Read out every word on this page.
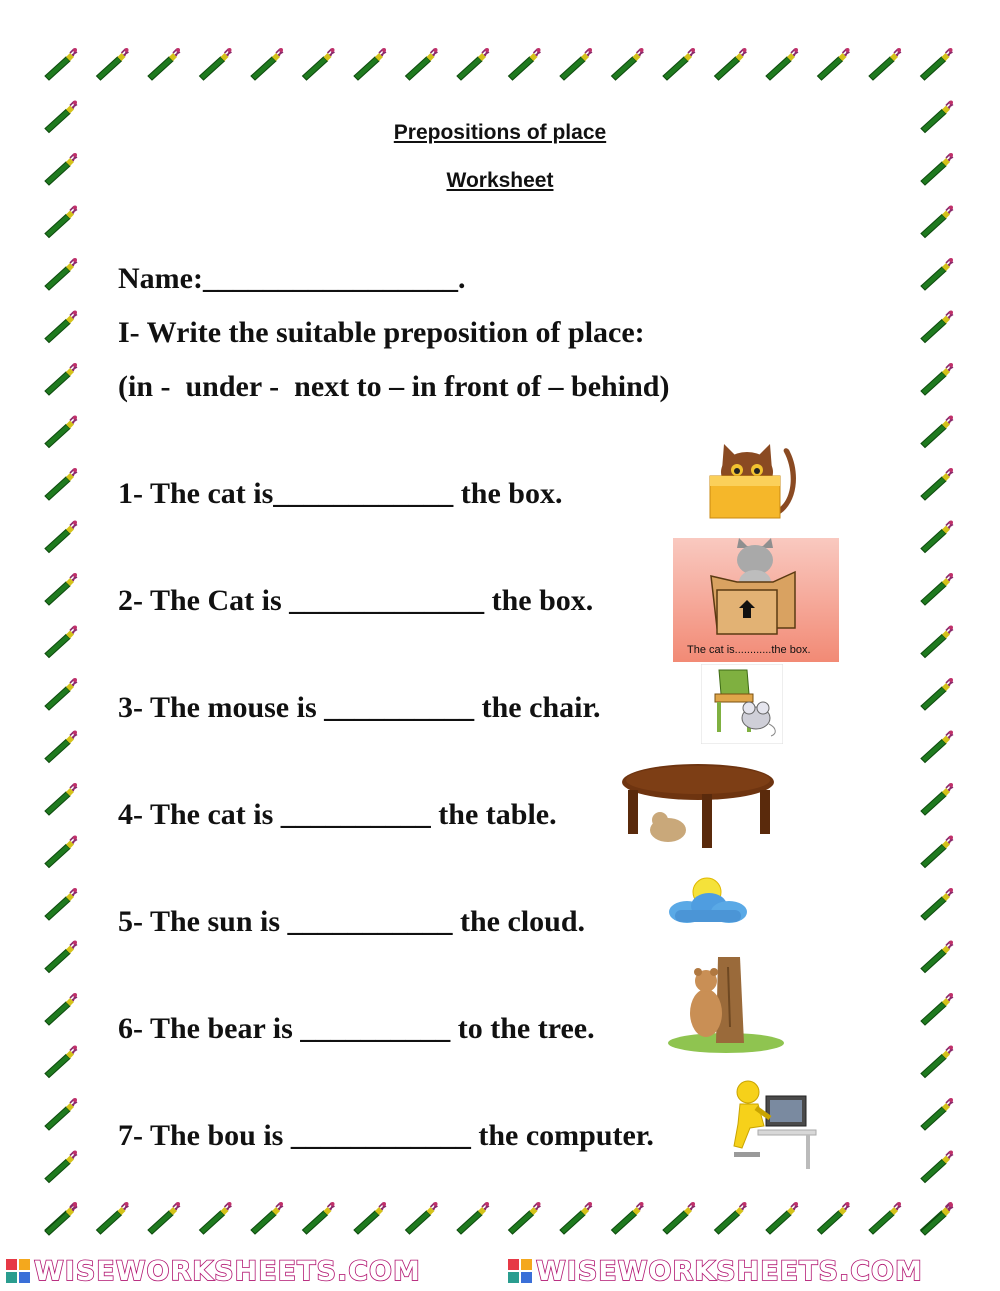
Prepositions of place
Worksheet
Name:_________________.
I- Write the suitable preposition of place:
(in -  under -  next to – in front of – behind)
1- The cat is____________ the box.
2- The Cat is _____________ the box.
3- The mouse is __________ the chair.
4- The cat is __________ the table.
5- The sun is ___________ the cloud.
6- The bear is __________ to the tree.
7- The bou is ____________ the computer.
The cat is............the box.
WISEWORKSHEETS.COM	WISEWORKSHEETS.COM
